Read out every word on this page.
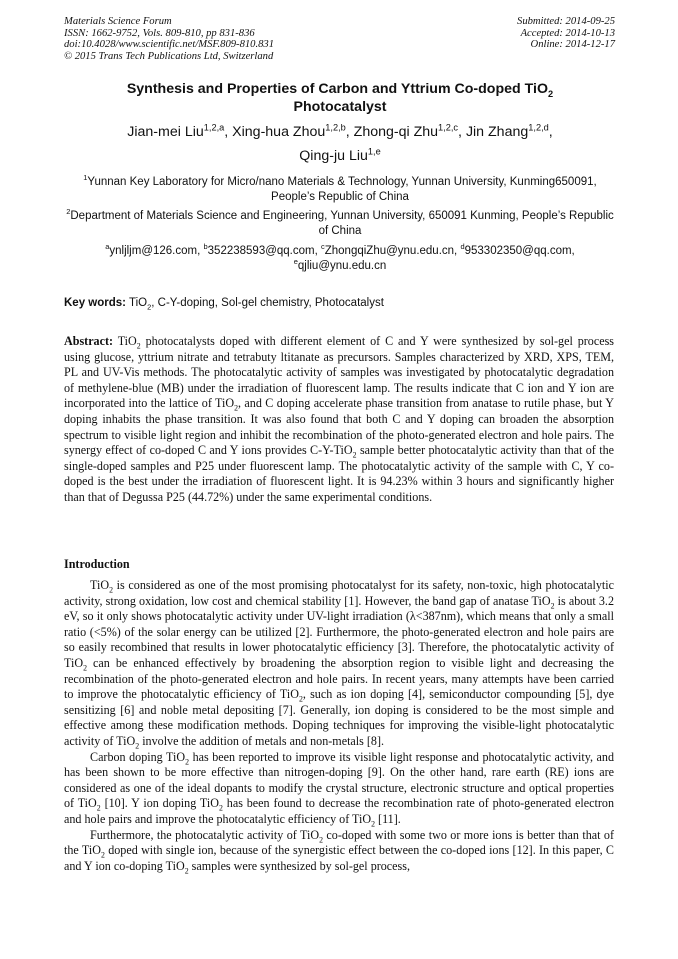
Materials Science Forum
ISSN: 1662-9752, Vols. 809-810, pp 831-836
doi:10.4028/www.scientific.net/MSF.809-810.831
© 2015 Trans Tech Publications Ltd, Switzerland
Submitted: 2014-09-25
Accepted: 2014-10-13
Online: 2014-12-17
Synthesis and Properties of Carbon and Yttrium Co-doped TiO$_2$
Photocatalyst
Jian-mei Liu$^{1,2,a}$, Xing-hua Zhou$^{1,2,b}$, Zhong-qi Zhu$^{1,2,c}$, Jin Zhang$^{1,2,d}$,
Qing-ju Liu$^{1,e}$
$^1$Yunnan Key Laboratory for Micro/nano Materials & Technology, Yunnan University, Kunming650091, People’s Republic of China
$^2$Department of Materials Science and Engineering, Yunnan University, 650091 Kunming, People’s Republic of China
$^a$ynljljm@126.com, $^b$352238593@qq.com, $^c$ZhongqiZhu@ynu.edu.cn, $^d$953302350@qq.com,
$^e$qjliu@ynu.edu.cn
Key words: TiO$_2$, C-Y-doping, Sol-gel chemistry, Photocatalyst
Abstract: TiO$_2$ photocatalysts doped with different element of C and Y were synthesized by sol-gel process using glucose, yttrium nitrate and tetrabuty ltitanate as precursors. Samples characterized by XRD, XPS, TEM, PL and UV-Vis methods. The photocatalytic activity of samples was investigated by photocatalytic degradation of methylene-blue (MB) under the irradiation of fluorescent lamp. The results indicate that C ion and Y ion are incorporated into the lattice of TiO$_2$, and C doping accelerate phase transition from anatase to rutile phase, but Y doping inhabits the phase transition. It was also found that both C and Y doping can broaden the absorption spectrum to visible light region and inhibit the recombination of the photo-generated electron and hole pairs. The synergy effect of co-doped C and Y ions provides C-Y-TiO$_2$ sample better photocatalytic activity than that of the single-doped samples and P25 under fluorescent lamp. The photocatalytic activity of the sample with C, Y co-doped is the best under the irradiation of fluorescent light. It is 94.23% within 3 hours and significantly higher than that of Degussa P25 (44.72%) under the same experimental conditions.
Introduction

TiO$_2$ is considered as one of the most promising photocatalyst for its safety, non-toxic, high photocatalytic activity, strong oxidation, low cost and chemical stability [1]. However, the band gap of anatase TiO$_2$ is about 3.2 eV, so it only shows photocatalytic activity under UV-light irradiation (λ<387nm), which means that only a small ratio (<5%) of the solar energy can be utilized [2]. Furthermore, the photo-generated electron and hole pairs are so easily recombined that results in lower photocatalytic efficiency [3]. Therefore, the photocatalytic activity of TiO$_2$ can be enhanced effectively by broadening the absorption region to visible light and decreasing the recombination of the photo-generated electron and hole pairs. In recent years, many attempts have been carried to improve the photocatalytic efficiency of TiO$_2$, such as ion doping [4], semiconductor compounding [5], dye sensitizing [6] and noble metal depositing [7]. Generally, ion doping is considered to be the most simple and effective among these modification methods. Doping techniques for improving the visible-light photocatalytic activity of TiO$_2$ involve the addition of metals and non-metals [8].

Carbon doping TiO$_2$ has been reported to improve its visible light response and photocatalytic activity, and has been shown to be more effective than nitrogen-doping [9]. On the other hand, rare earth (RE) ions are considered as one of the ideal dopants to modify the crystal structure, electronic structure and optical properties of TiO$_2$ [10]. Y ion doping TiO$_2$ has been found to decrease the recombination rate of photo-generated electron and hole pairs and improve the photocatalytic efficiency of TiO$_2$ [11].

Furthermore, the photocatalytic activity of TiO$_2$ co-doped with some two or more ions is better than that of the TiO$_2$ doped with single ion, because of the synergistic effect between the co-doped ions [12]. In this paper, C and Y ion co-doping TiO$_2$ samples were synthesized by sol-gel process,
